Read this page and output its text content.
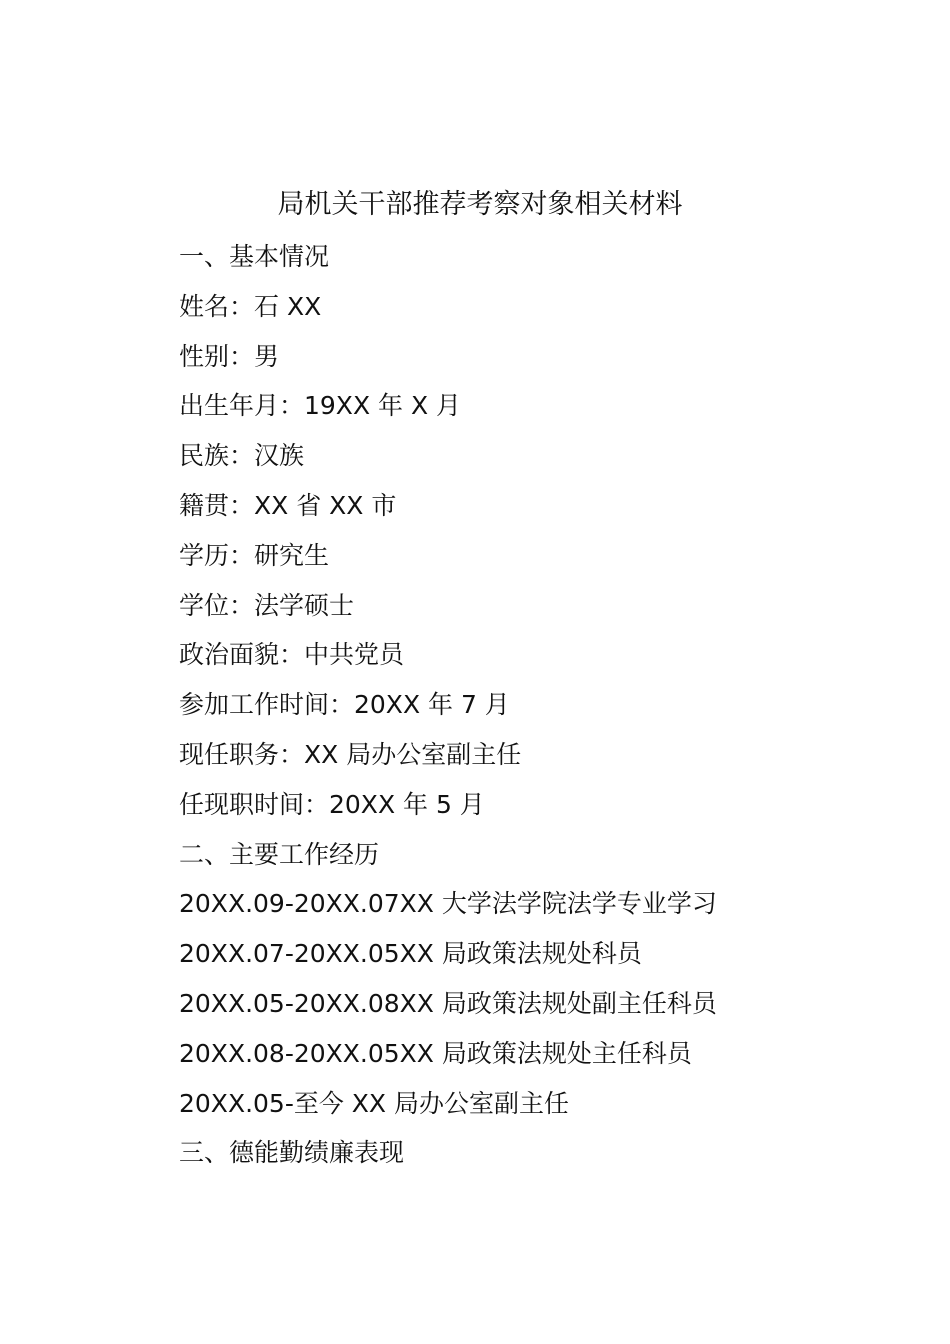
局机关干部推荐考察对象相关材料
一、基本情况
姓名：石 XX
性别：男
出生年月：19XX 年 X 月
民族：汉族
籍贯：XX 省 XX 市
学历：研究生
学位：法学硕士
政治面貌：中共党员
参加工作时间：20XX 年 7 月
现任职务：XX 局办公室副主任
任现职时间：20XX 年 5 月
二、主要工作经历
20XX.09-20XX.07XX 大学法学院法学专业学习
20XX.07-20XX.05XX 局政策法规处科员
20XX.05-20XX.08XX 局政策法规处副主任科员
20XX.08-20XX.05XX 局政策法规处主任科员
20XX.05-至今 XX 局办公室副主任
三、德能勤绩廉表现
